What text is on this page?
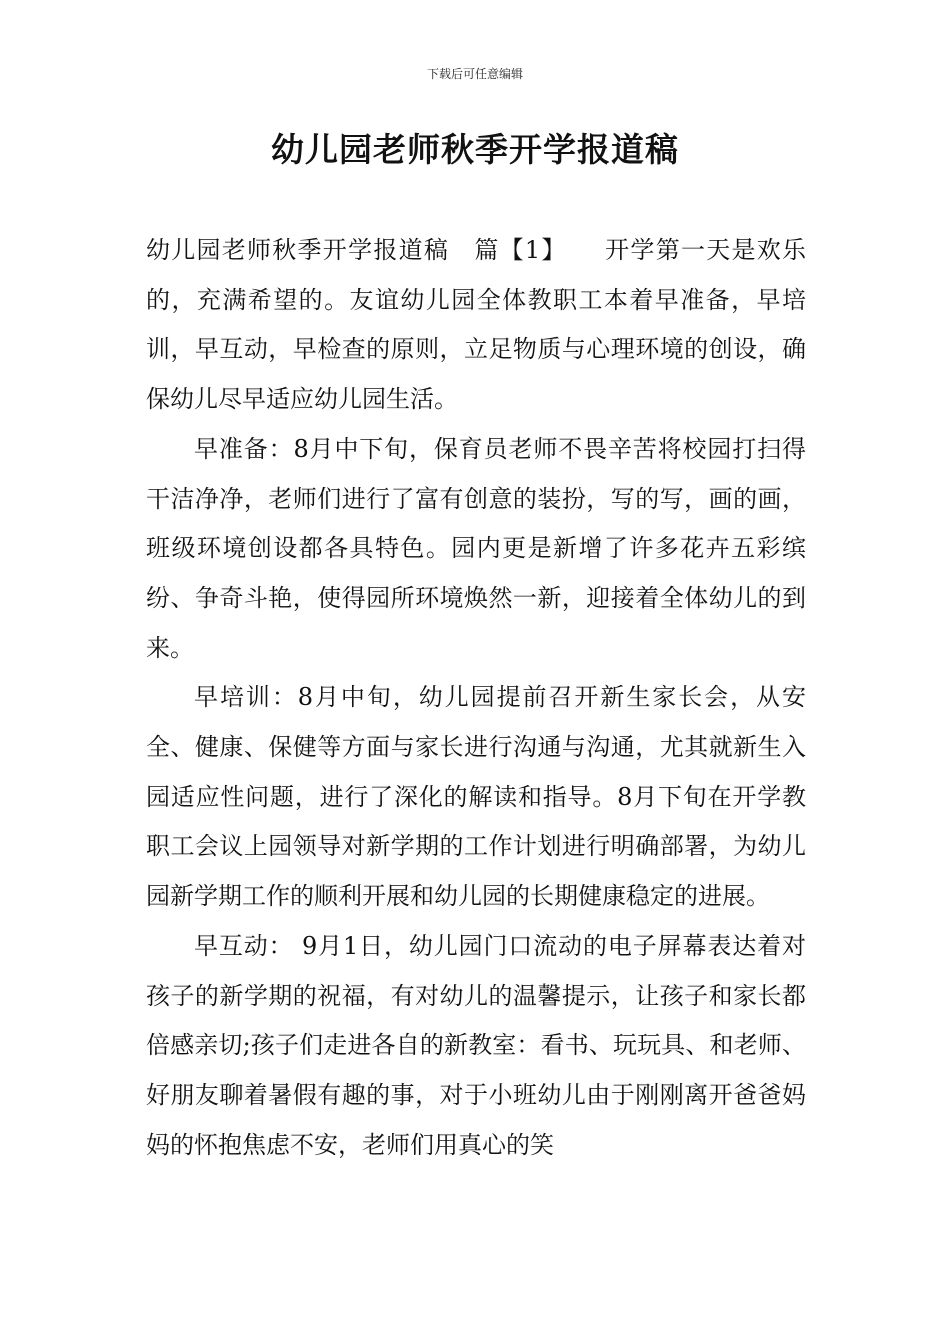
下载后可任意编辑
幼儿园老师秋季开学报道稿

幼儿园老师秋季开学报道稿　篇【1】　　开学第一天是欢乐的，充满希望的。友谊幼儿园全体教职工本着早准备，早培训，早互动，早检查的原则，立足物质与心理环境的创设，确保幼儿尽早适应幼儿园生活。

早准备：8月中下旬，保育员老师不畏辛苦将校园打扫得干洁净净，老师们进行了富有创意的装扮，写的写，画的画，班级环境创设都各具特色。园内更是新增了许多花卉五彩缤纷、争奇斗艳，使得园所环境焕然一新，迎接着全体幼儿的到来。

早培训：8月中旬，幼儿园提前召开新生家长会，从安全、健康、保健等方面与家长进行沟通与沟通，尤其就新生入园适应性问题，进行了深化的解读和指导。8月下旬在开学教职工会议上园领导对新学期的工作计划进行明确部署，为幼儿园新学期工作的顺利开展和幼儿园的长期健康稳定的进展。

早互动： 9月1日，幼儿园门口流动的电子屏幕表达着对孩子的新学期的祝福，有对幼儿的温馨提示，让孩子和家长都倍感亲切;孩子们走进各自的新教室：看书、玩玩具、和老师、好朋友聊着暑假有趣的事，对于小班幼儿由于刚刚离开爸爸妈妈的怀抱焦虑不安，老师们用真心的笑
